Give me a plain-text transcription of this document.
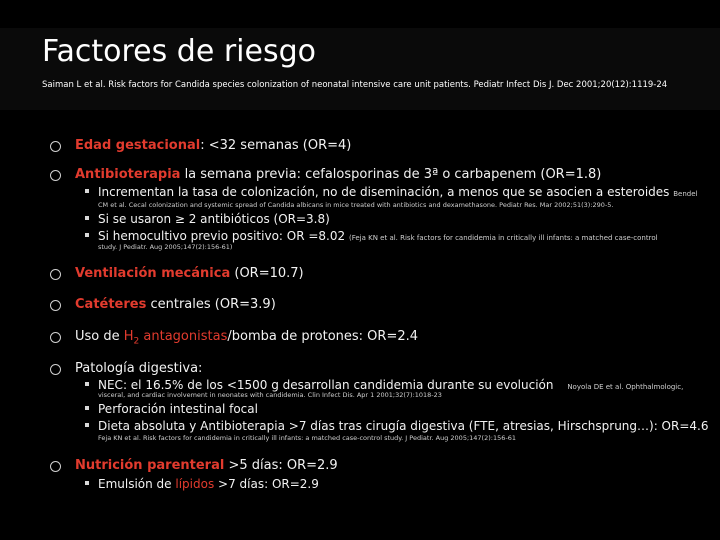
Factores de riesgo
Saiman L et al. Risk factors for Candida species colonization of neonatal intensive care unit patients. Pediatr Infect Dis J. Dec 2001;20(12):1119-24
Edad gestacional: <32 semanas (OR=4)
Antibioterapia la semana previa: cefalosporinas de 3ª o carbapenem (OR=1.8)
Incrementan la tasa de colonización, no de diseminación, a menos que se asocien a esteroides Bendel
CM et al. Cecal colonization and systemic spread of Candida albicans in mice treated with antibiotics and dexamethasone. Pediatr Res. Mar 2002;51(3):290-5.
Si se usaron ≥ 2 antibióticos (OR=3.8)
Si hemocultivo previo positivo: OR =8.02 (Feja KN et al. Risk factors for candidemia in critically ill infants: a matched case-control
study. J Pediatr. Aug 2005;147(2):156-61)
Ventilación mecánica (OR=10.7)
Catéteres centrales (OR=3.9)
Uso de $H_2$ antagonistas/bomba de protones: OR=2.4
Patología digestiva:
NEC: el 16.5% de los <1500 g desarrollan candidemia durante su evolución Noyola DE et al. Ophthalmologic,
visceral, and cardiac involvement in neonates with candidemia. Clin Infect Dis. Apr 1 2001;32(7):1018-23
Perforación intestinal focal
Dieta absoluta y Antibioterapia >7 días tras cirugía digestiva (FTE, atresias, Hirschsprung…): OR=4.6
Feja KN et al. Risk factors for candidemia in critically ill infants: a matched case-control study. J Pediatr. Aug 2005;147(2):156-61
Nutrición parenteral >5 días: OR=2.9
Emulsión de lípidos >7 días: OR=2.9
